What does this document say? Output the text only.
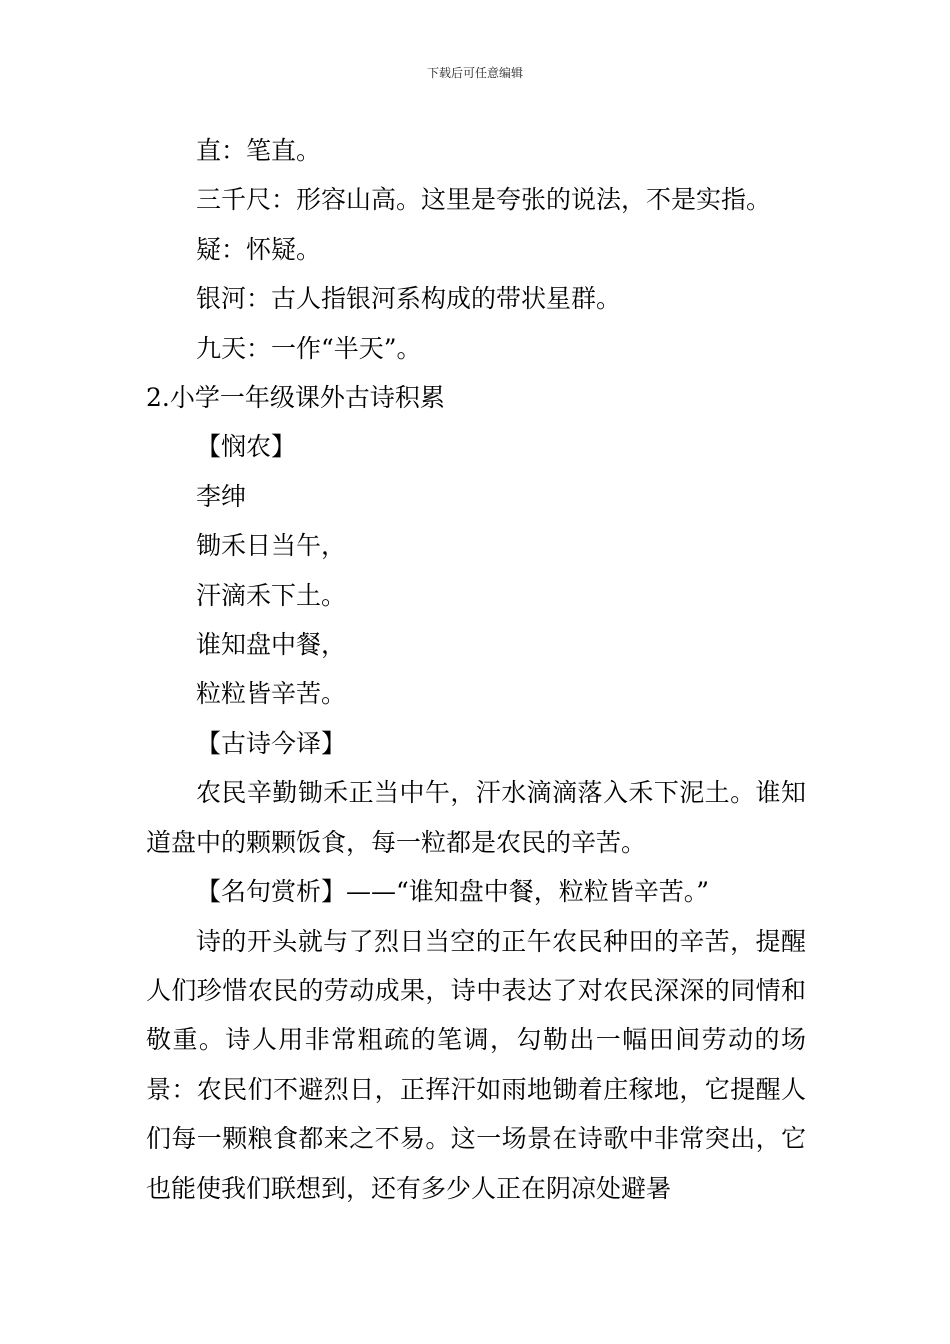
下载后可任意编辑

直：笔直。

三千尺：形容山高。这里是夸张的说法，不是实指。

疑：怀疑。

银河：古人指银河系构成的带状星群。

九天：一作“半天”。

2.小学一年级课外古诗积累

【悯农】

李绅

锄禾日当午，

汗滴禾下土。

谁知盘中餐，

粒粒皆辛苦。

【古诗今译】

农民辛勤锄禾正当中午，汗水滴滴落入禾下泥土。谁知道盘中的颗颗饭食，每一粒都是农民的辛苦。

【名句赏析】——“谁知盘中餐，粒粒皆辛苦。”

诗的开头就与了烈日当空的正午农民种田的辛苦，提醒人们珍惜农民的劳动成果，诗中表达了对农民深深的同情和敬重。诗人用非常粗疏的笔调，勾勒出一幅田间劳动的场景：农民们不避烈日，正挥汗如雨地锄着庄稼地，它提醒人们每一颗粮食都来之不易。这一场景在诗歌中非常突出，它也能使我们联想到，还有多少人正在阴凉处避暑
